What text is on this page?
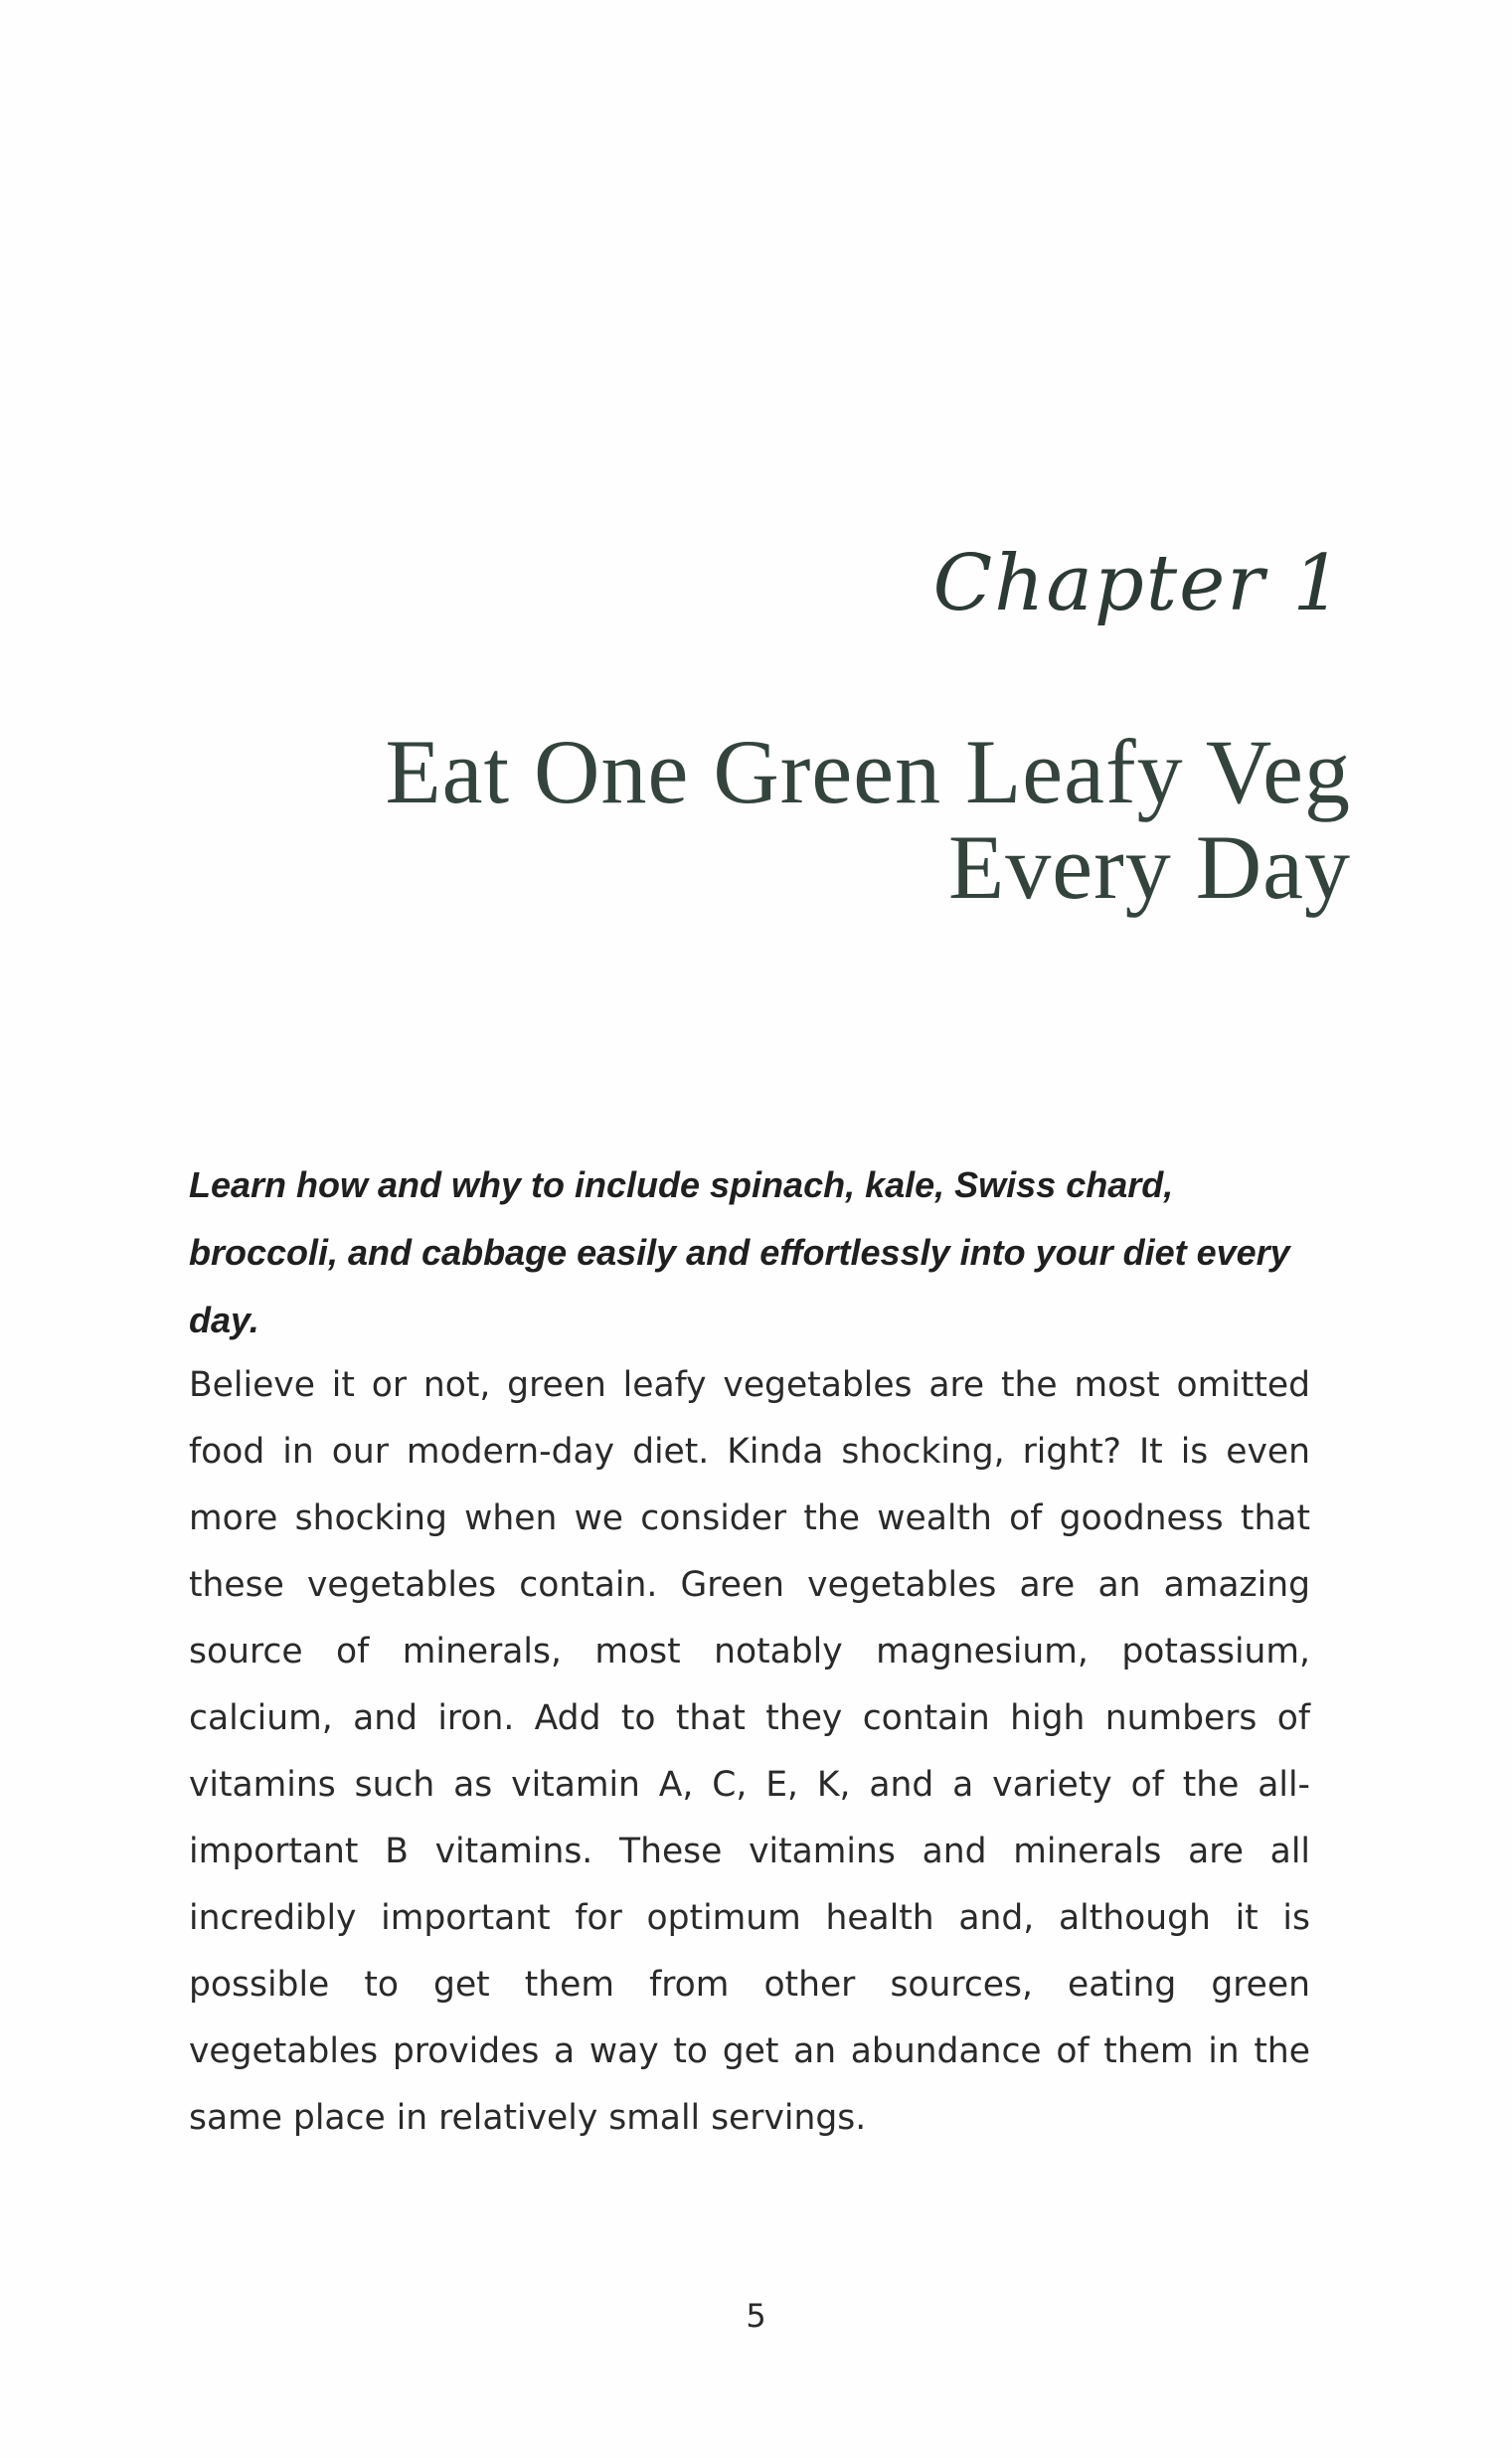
Chapter 1
Eat One Green Leafy Veg Every Day
Learn how and why to include spinach, kale, Swiss chard, broccoli, and cabbage easily and effortlessly into your diet every day.
Believe it or not, green leafy vegetables are the most omitted food in our modern-day diet. Kinda shocking, right? It is even more shocking when we consider the wealth of goodness that these vegetables contain. Green vegetables are an amazing source of minerals, most notably magnesium, potassium, calcium, and iron. Add to that they contain high numbers of vitamins such as vitamin A, C, E, K, and a variety of the all-important B vitamins. These vitamins and minerals are all incredibly important for optimum health and, although it is possible to get them from other sources, eating green vegetables provides a way to get an abundance of them in the same place in relatively small servings.
5
